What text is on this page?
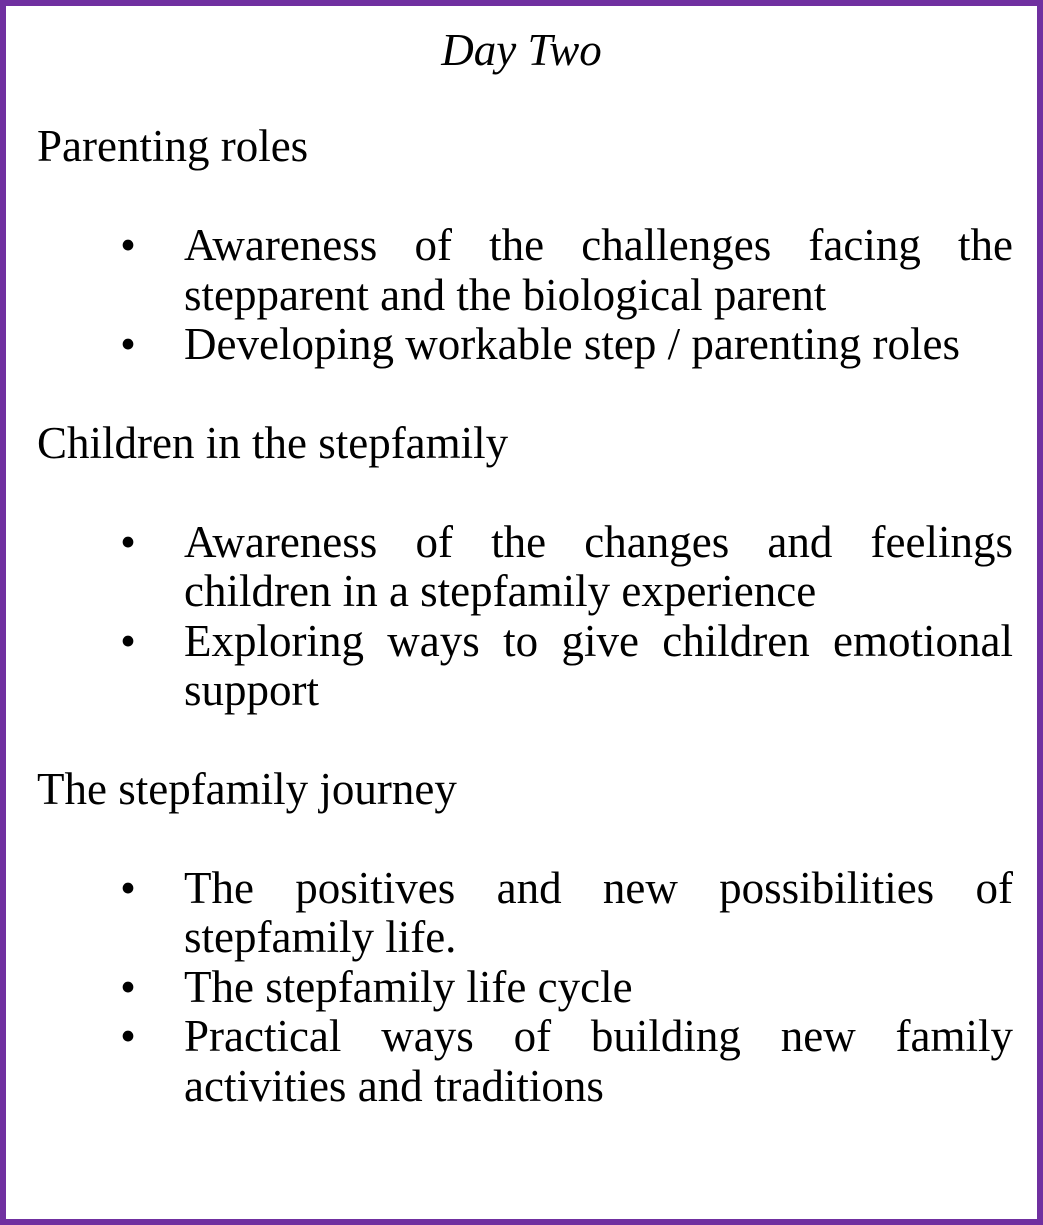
Day Two
Parenting roles
• Awareness of the challenges facing the stepparent and the biological parent
• Developing workable step / parenting roles
Children in the stepfamily
• Awareness of the changes and feelings children in a stepfamily experience
• Exploring ways to give children emotional support
The stepfamily journey
• The positives and new possibilities of stepfamily life.
• The stepfamily life cycle
• Practical ways of building new family activities and traditions
